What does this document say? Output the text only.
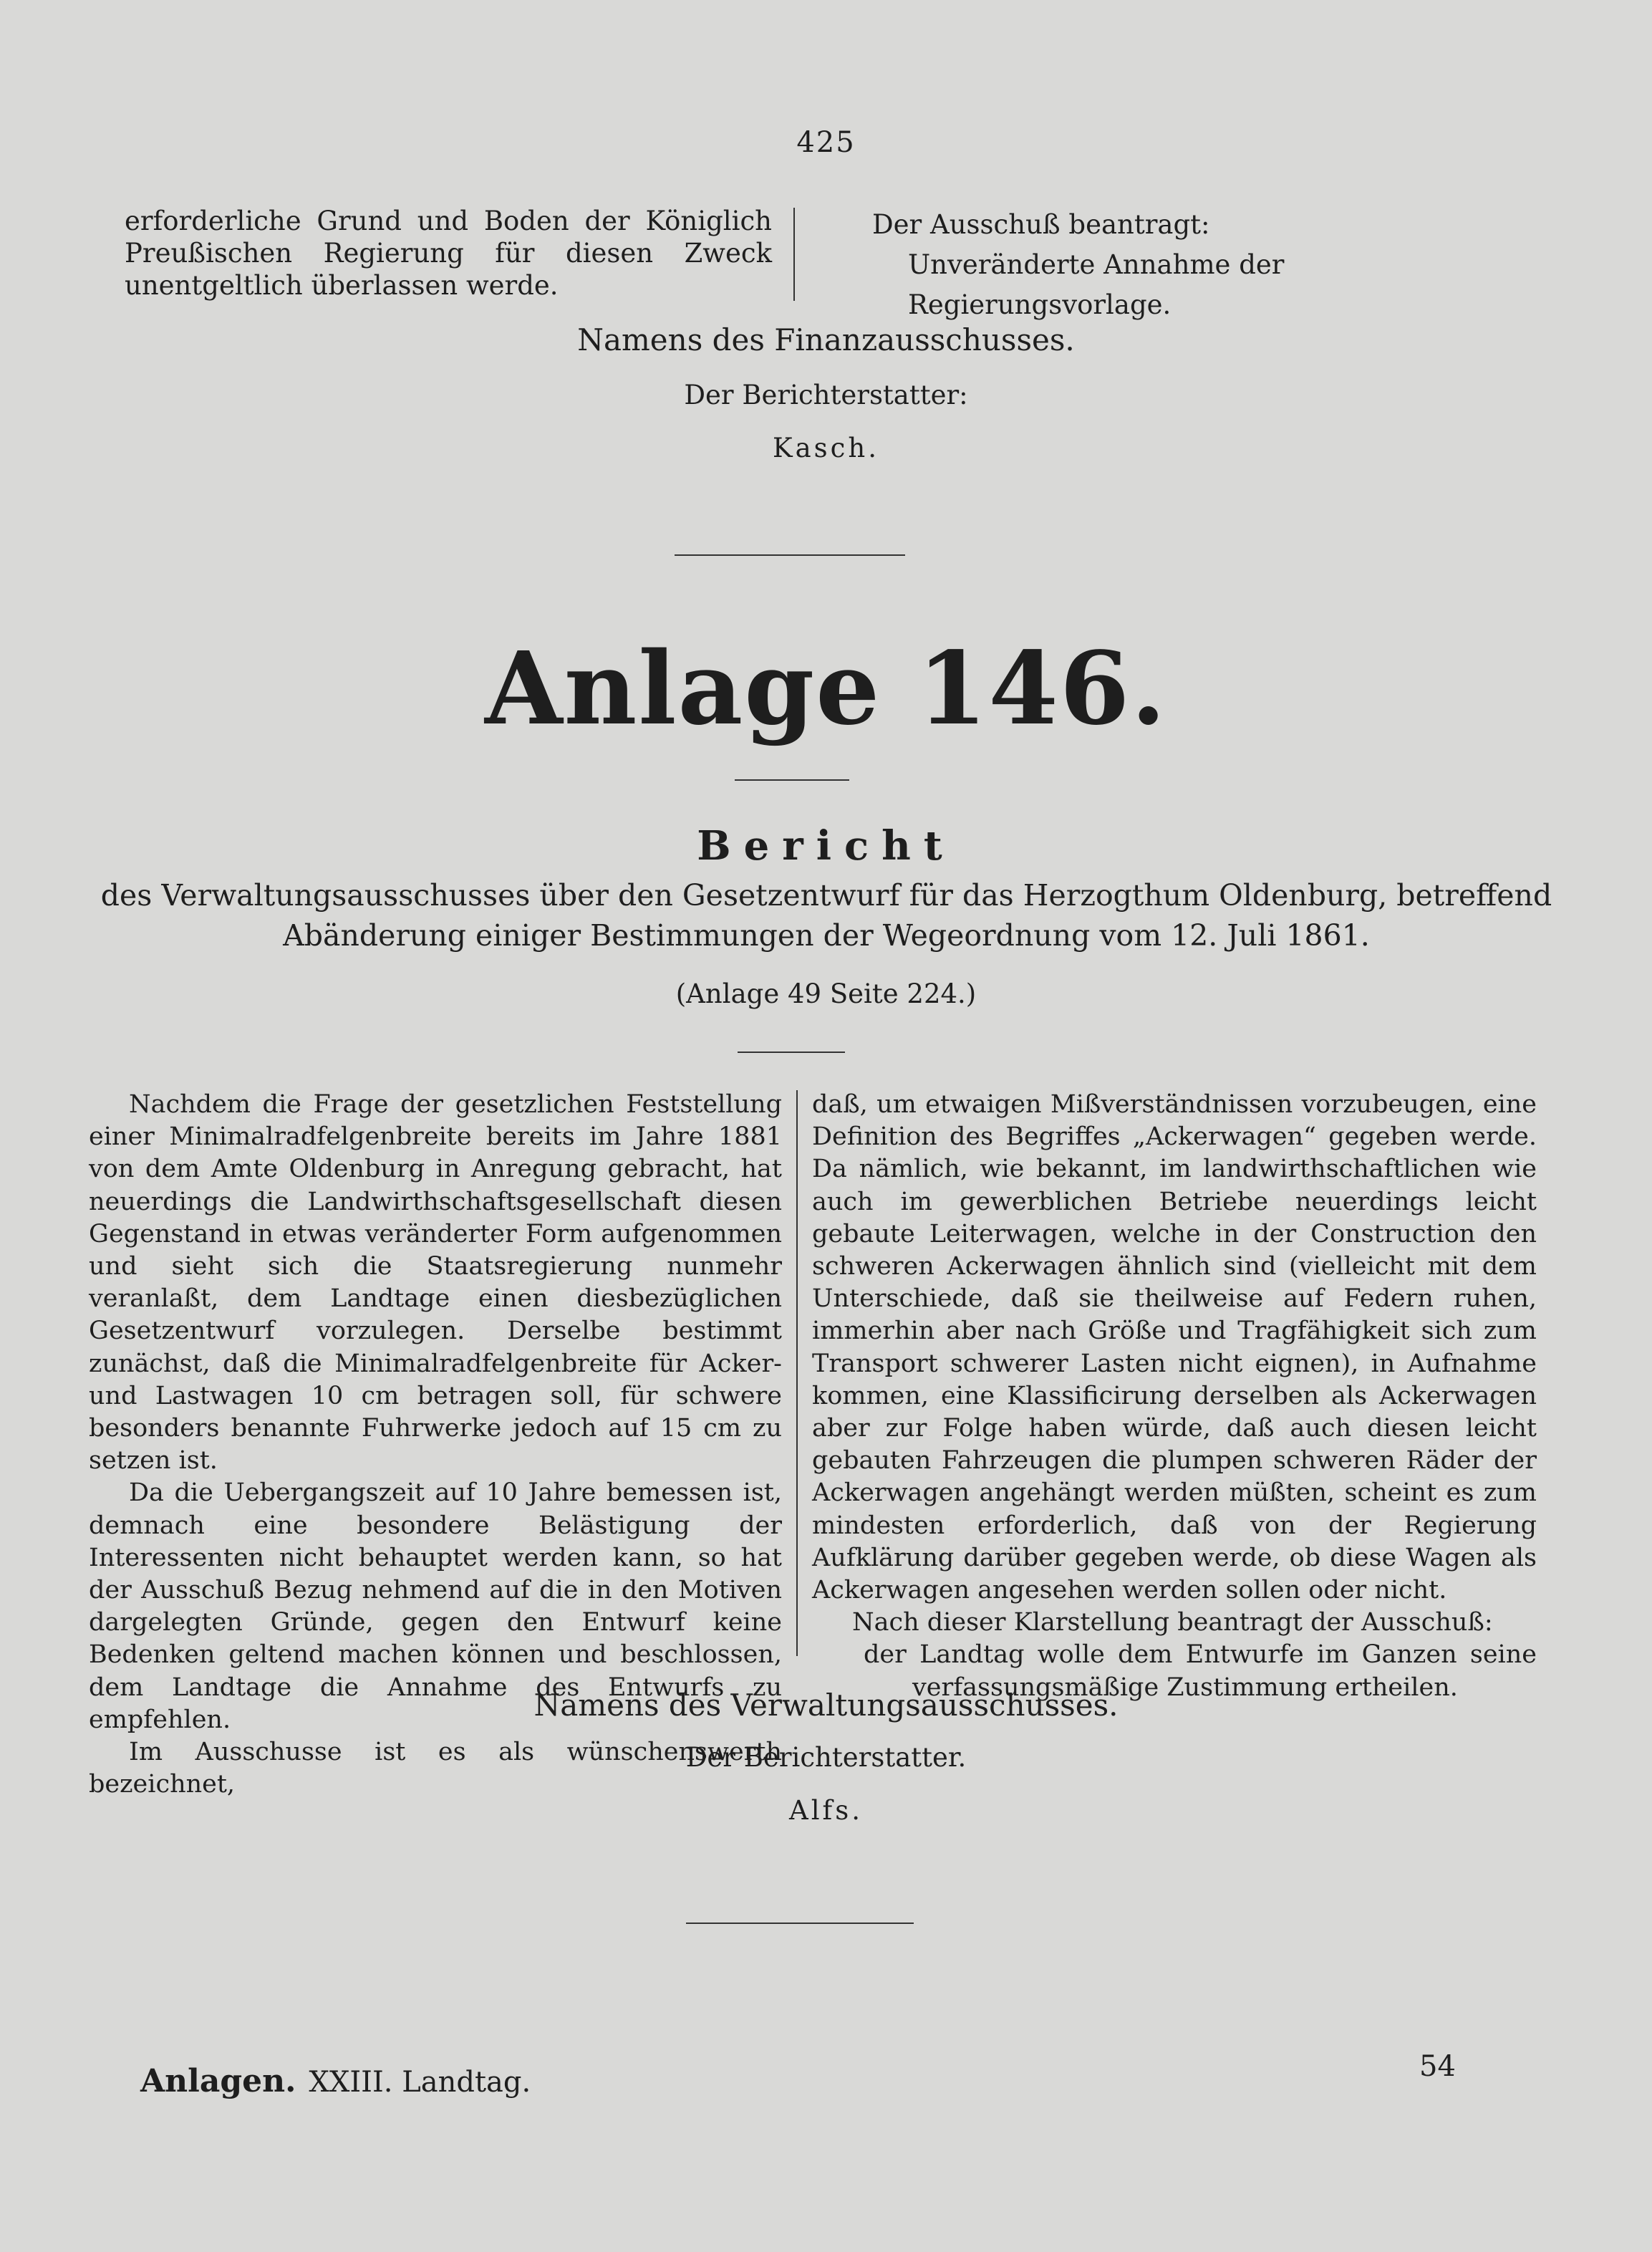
425
erforderliche Grund und Boden der Königlich Preußischen Regierung für diesen Zweck unentgeltlich überlassen werde.
Der Ausschuß beantragt:
Unveränderte Annahme der Regierungsvorlage.
Namens des Finanzausschusses.
Der Berichterstatter:
Kasch.
Anlage 146.
Bericht
des Verwaltungsausschusses über den Gesetzentwurf für das Herzogthum Oldenburg, betreffend Abänderung einiger Bestimmungen der Wegeordnung vom 12. Juli 1861.
(Anlage 49 Seite 224.)

Nachdem die Frage der gesetzlichen Feststellung einer Minimalradfelgenbreite bereits im Jahre 1881 von dem Amte Oldenburg in Anregung gebracht, hat neuerdings die Landwirthschaftsgesellschaft diesen Gegenstand in etwas veränderter Form aufgenommen und sieht sich die Staatsregierung nunmehr veranlaßt, dem Landtage einen diesbezüglichen Gesetzentwurf vorzulegen. Derselbe bestimmt zunächst, daß die Minimalradfelgenbreite für Acker- und Lastwagen 10 cm betragen soll, für schwere besonders benannte Fuhrwerke jedoch auf 15 cm zu setzen ist.

Da die Uebergangszeit auf 10 Jahre bemessen ist, demnach eine besondere Belästigung der Interessenten nicht behauptet werden kann, so hat der Ausschuß Bezug nehmend auf die in den Motiven dargelegten Gründe, gegen den Entwurf keine Bedenken geltend machen können und beschlossen, dem Landtage die Annahme des Entwurfs zu empfehlen.

Im Ausschusse ist es als wünschenswerth bezeichnet,

daß, um etwaigen Mißverständnissen vorzubeugen, eine Definition des Begriffes „Ackerwagen“ gegeben werde. Da nämlich, wie bekannt, im landwirthschaftlichen wie auch im gewerblichen Betriebe neuerdings leicht gebaute Leiterwagen, welche in der Construction den schweren Ackerwagen ähnlich sind (vielleicht mit dem Unterschiede, daß sie theilweise auf Federn ruhen, immerhin aber nach Größe und Tragfähigkeit sich zum Transport schwerer Lasten nicht eignen), in Aufnahme kommen, eine Klassificirung derselben als Ackerwagen aber zur Folge haben würde, daß auch diesen leicht gebauten Fahrzeugen die plumpen schweren Räder der Ackerwagen angehängt werden müßten, scheint es zum mindesten erforderlich, daß von der Regierung Aufklärung darüber gegeben werde, ob diese Wagen als Ackerwagen angesehen werden sollen oder nicht.

Nach dieser Klarstellung beantragt der Ausschuß:

der Landtag wolle dem Entwurfe im Ganzen seine verfassungsmäßige Zustimmung ertheilen.

Namens des Verwaltungsausschusses.
Der Berichterstatter.
Alfs.
Anlagen. XXIII. Landtag.	54
